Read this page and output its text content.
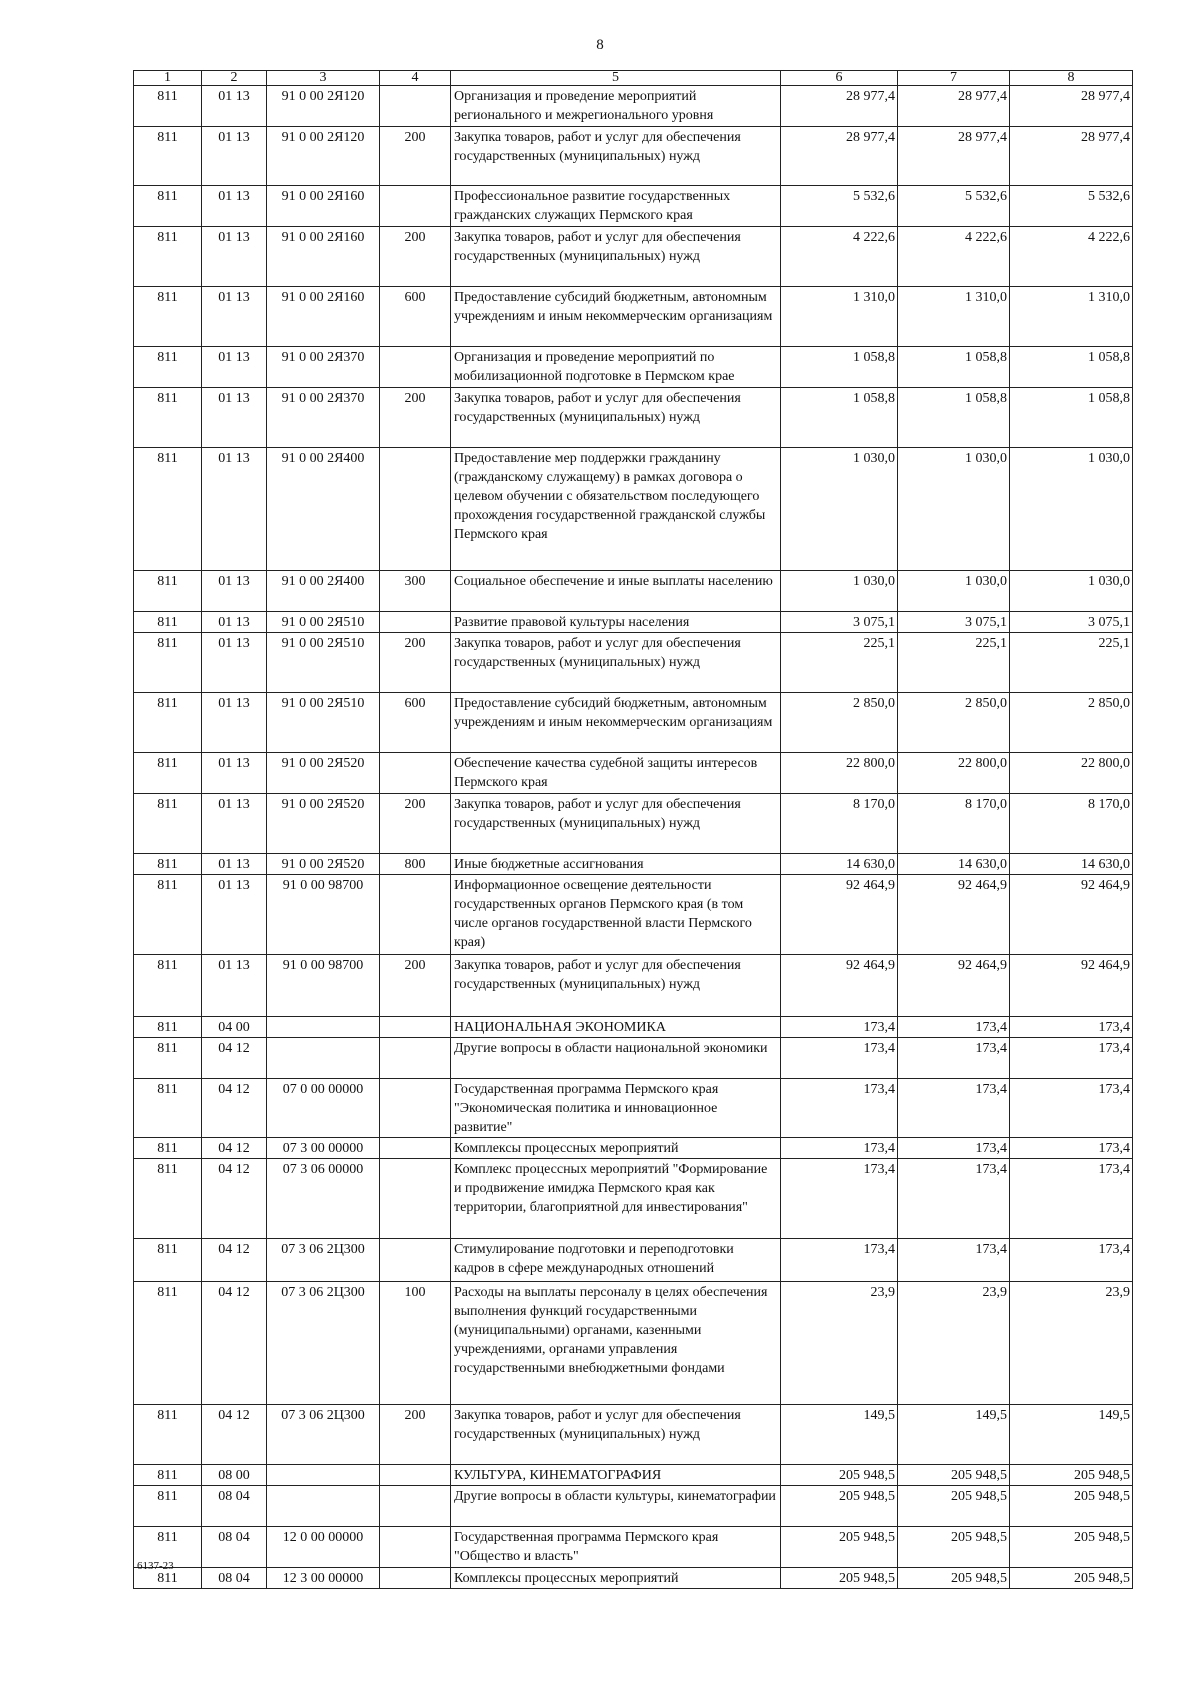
8
1	2	3	4	5	6	7	8
811	01 13	91 0 00 2Я120		Организация и проведение мероприятий регионального и межрегионального уровня	28 977,4	28 977,4	28 977,4
811	01 13	91 0 00 2Я120	200	Закупка товаров, работ и услуг для обеспечения государственных (муниципальных) нужд	28 977,4	28 977,4	28 977,4
811	01 13	91 0 00 2Я160		Профессиональное развитие государственных гражданских служащих Пермского края	5 532,6	5 532,6	5 532,6
811	01 13	91 0 00 2Я160	200	Закупка товаров, работ и услуг для обеспечения государственных (муниципальных) нужд	4 222,6	4 222,6	4 222,6
811	01 13	91 0 00 2Я160	600	Предоставление субсидий бюджетным, автономным учреждениям и иным некоммерческим организациям	1 310,0	1 310,0	1 310,0
811	01 13	91 0 00 2Я370		Организация и проведение мероприятий по мобилизационной подготовке в Пермском крае	1 058,8	1 058,8	1 058,8
811	01 13	91 0 00 2Я370	200	Закупка товаров, работ и услуг для обеспечения государственных (муниципальных) нужд	1 058,8	1 058,8	1 058,8
811	01 13	91 0 00 2Я400		Предоставление мер поддержки гражданину (гражданскому служащему) в рамках договора о целевом обучении с обязательством последующего прохождения государственной гражданской службы Пермского края	1 030,0	1 030,0	1 030,0
811	01 13	91 0 00 2Я400	300	Социальное обеспечение и иные выплаты населению	1 030,0	1 030,0	1 030,0
811	01 13	91 0 00 2Я510		Развитие правовой культуры населения	3 075,1	3 075,1	3 075,1
811	01 13	91 0 00 2Я510	200	Закупка товаров, работ и услуг для обеспечения государственных (муниципальных) нужд	225,1	225,1	225,1
811	01 13	91 0 00 2Я510	600	Предоставление субсидий бюджетным, автономным учреждениям и иным некоммерческим организациям	2 850,0	2 850,0	2 850,0
811	01 13	91 0 00 2Я520		Обеспечение качества судебной защиты интересов Пермского края	22 800,0	22 800,0	22 800,0
811	01 13	91 0 00 2Я520	200	Закупка товаров, работ и услуг для обеспечения государственных (муниципальных) нужд	8 170,0	8 170,0	8 170,0
811	01 13	91 0 00 2Я520	800	Иные бюджетные ассигнования	14 630,0	14 630,0	14 630,0
811	01 13	91 0 00 98700		Информационное освещение деятельности государственных органов Пермского края (в том числе органов государственной власти Пермского края)	92 464,9	92 464,9	92 464,9
811	01 13	91 0 00 98700	200	Закупка товаров, работ и услуг для обеспечения государственных (муниципальных) нужд	92 464,9	92 464,9	92 464,9
811	04 00			НАЦИОНАЛЬНАЯ ЭКОНОМИКА	173,4	173,4	173,4
811	04 12			Другие вопросы в области национальной экономики	173,4	173,4	173,4
811	04 12	07 0 00 00000		Государственная программа Пермского края "Экономическая политика и инновационное развитие"	173,4	173,4	173,4
811	04 12	07 3 00 00000		Комплексы процессных мероприятий	173,4	173,4	173,4
811	04 12	07 3 06 00000		Комплекс процессных мероприятий "Формирование и продвижение имиджа Пермского края как территории, благоприятной для инвестирования"	173,4	173,4	173,4
811	04 12	07 3 06 2Ц300		Стимулирование подготовки и переподготовки кадров в сфере международных отношений	173,4	173,4	173,4
811	04 12	07 3 06 2Ц300	100	Расходы на выплаты персоналу в целях обеспечения выполнения функций государственными (муниципальными) органами, казенными учреждениями, органами управления государственными внебюджетными фондами	23,9	23,9	23,9
811	04 12	07 3 06 2Ц300	200	Закупка товаров, работ и услуг для обеспечения государственных (муниципальных) нужд	149,5	149,5	149,5
811	08 00			КУЛЬТУРА, КИНЕМАТОГРАФИЯ	205 948,5	205 948,5	205 948,5
811	08 04			Другие вопросы в области культуры, кинематографии	205 948,5	205 948,5	205 948,5
811	08 04	12 0 00 00000		Государственная программа Пермского края "Общество и власть"	205 948,5	205 948,5	205 948,5
811	08 04	12 3 00 00000		Комплексы процессных мероприятий	205 948,5	205 948,5	205 948,5
6137-23
